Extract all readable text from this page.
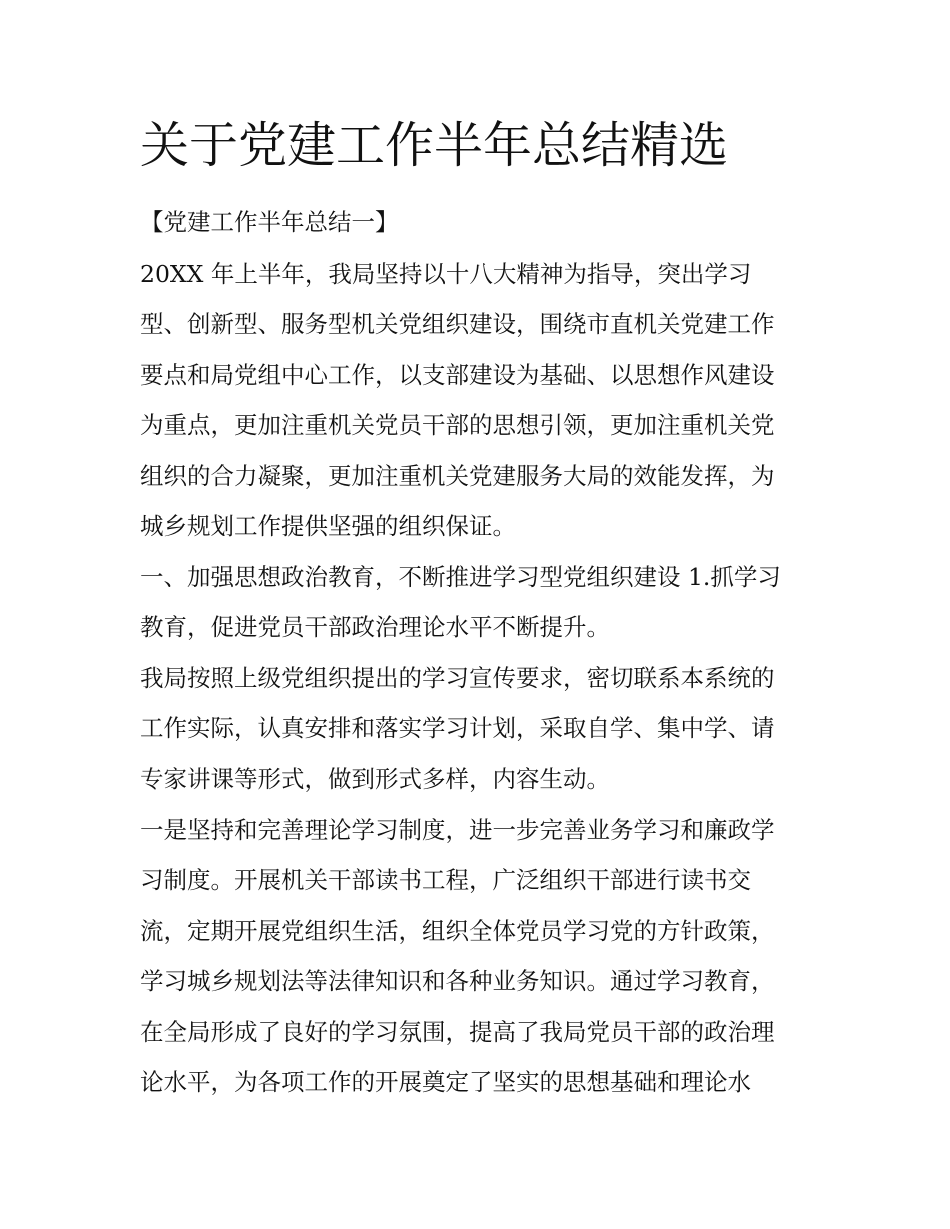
关于党建工作半年总结精选

【党建工作半年总结一】

20XX 年上半年，我局坚持以十八大精神为指导，突出学习

型、创新型、服务型机关党组织建设，围绕市直机关党建工作

要点和局党组中心工作，以支部建设为基础、以思想作风建设

为重点，更加注重机关党员干部的思想引领，更加注重机关党

组织的合力凝聚，更加注重机关党建服务大局的效能发挥，为

城乡规划工作提供坚强的组织保证。

一、加强思想政治教育，不断推进学习型党组织建设 1.抓学习

教育，促进党员干部政治理论水平不断提升。

我局按照上级党组织提出的学习宣传要求，密切联系本系统的

工作实际，认真安排和落实学习计划，采取自学、集中学、请

专家讲课等形式，做到形式多样，内容生动。

一是坚持和完善理论学习制度，进一步完善业务学习和廉政学

习制度。开展机关干部读书工程，广泛组织干部进行读书交

流，定期开展党组织生活，组织全体党员学习党的方针政策，

学习城乡规划法等法律知识和各种业务知识。通过学习教育，

在全局形成了良好的学习氛围，提高了我局党员干部的政治理

论水平，为各项工作的开展奠定了坚实的思想基础和理论水
